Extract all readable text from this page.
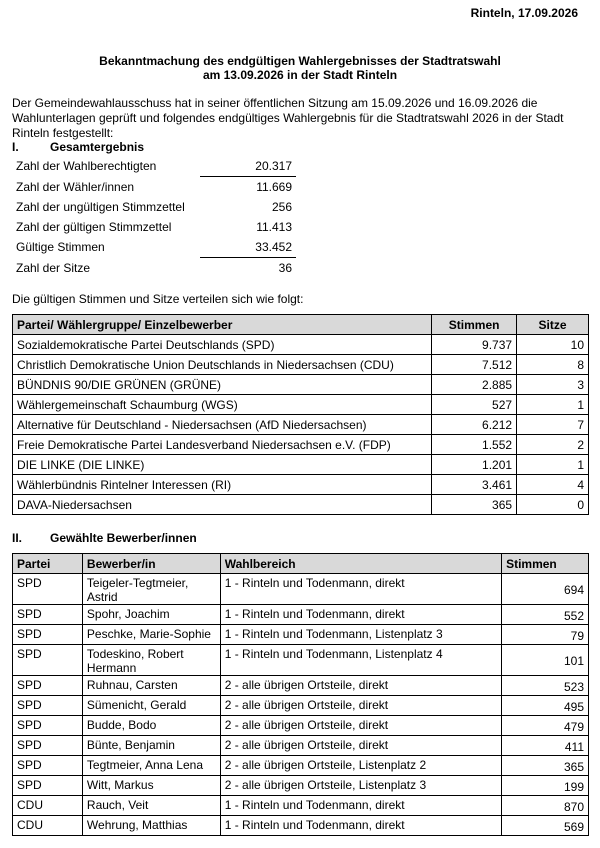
Rinteln, 17.09.2026
Bekanntmachung des endgültigen Wahlergebnisses der Stadtratswahl
am 13.09.2026 in der Stadt Rinteln
Der Gemeindewahlausschuss hat in seiner öffentlichen Sitzung am 15.09.2026 und 16.09.2026 die Wahlunterlagen geprüft und folgendes endgültiges Wahlergebnis für die Stadtratswahl 2026 in der Stadt Rinteln festgestellt:
I.	Gesamtergebnis
Zahl der Wahlberechtigten	20.317
Zahl der Wähler/innen	11.669
Zahl der ungültigen Stimmzettel	256
Zahl der gültigen Stimmzettel	11.413
Gültige Stimmen	33.452
Zahl der Sitze	36
Die gültigen Stimmen und Sitze verteilen sich wie folgt:
Partei/ Wählergruppe/ Einzelbewerber	Stimmen	Sitze
Sozialdemokratische Partei Deutschlands (SPD)	9.737	10
Christlich Demokratische Union Deutschlands in Niedersachsen (CDU)	7.512	8
BÜNDNIS 90/DIE GRÜNEN (GRÜNE)	2.885	3
Wählergemeinschaft Schaumburg (WGS)	527	1
Alternative für Deutschland - Niedersachsen (AfD Niedersachsen)	6.212	7
Freie Demokratische Partei Landesverband Niedersachsen e.V. (FDP)	1.552	2
DIE LINKE (DIE LINKE)	1.201	1
Wählerbündnis Rintelner Interessen (RI)	3.461	4
DAVA-Niedersachsen	365	0
II. Gewählte Bewerber/innen
Partei	Bewerber/in	Wahlbereich	Stimmen
SPD	Teigeler-Tegtmeier, Astrid	1 - Rinteln und Todenmann, direkt	694
SPD	Spohr, Joachim	1 - Rinteln und Todenmann, direkt	552
SPD	Peschke, Marie-Sophie	1 - Rinteln und Todenmann, Listenplatz 3	79
SPD	Todeskino, Robert Hermann	1 - Rinteln und Todenmann, Listenplatz 4	101
SPD	Ruhnau, Carsten	2 - alle übrigen Ortsteile, direkt	523
SPD	Sümenicht, Gerald	2 - alle übrigen Ortsteile, direkt	495
SPD	Budde, Bodo	2 - alle übrigen Ortsteile, direkt	479
SPD	Bünte, Benjamin	2 - alle übrigen Ortsteile, direkt	411
SPD	Tegtmeier, Anna Lena	2 - alle übrigen Ortsteile, Listenplatz 2	365
SPD	Witt, Markus	2 - alle übrigen Ortsteile, Listenplatz 3	199
CDU	Rauch, Veit	1 - Rinteln und Todenmann, direkt	870
CDU	Wehrung, Matthias	1 - Rinteln und Todenmann, direkt	569
